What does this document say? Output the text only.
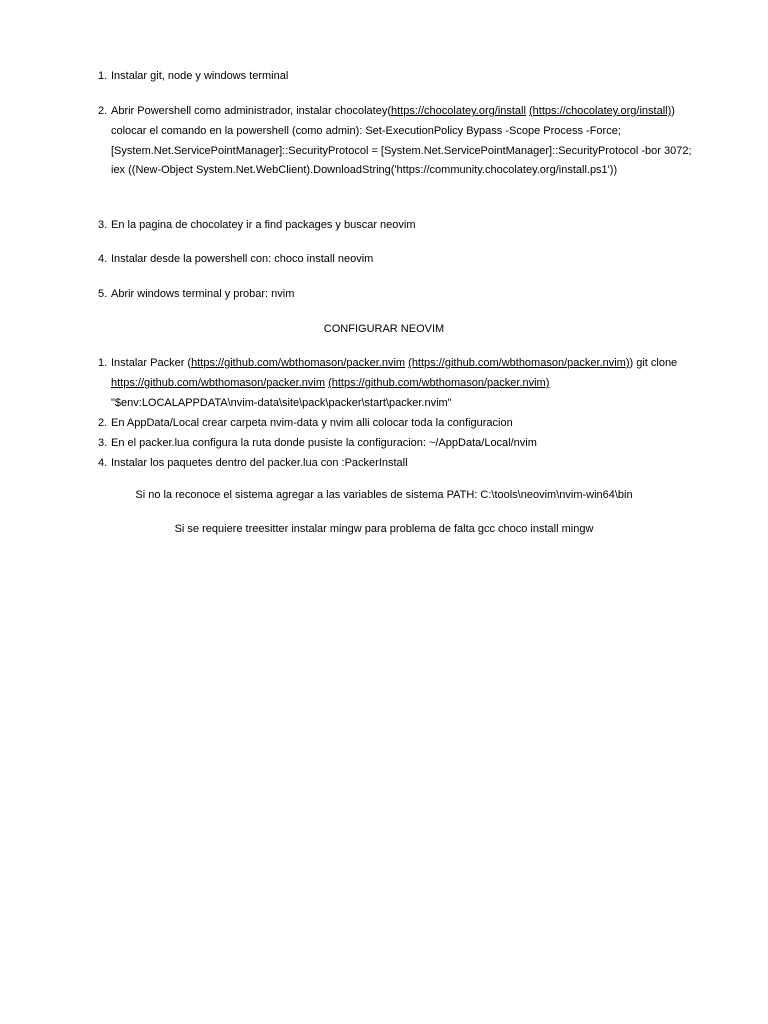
1. Instalar git, node y windows terminal
2. Abrir Powershell como administrador, instalar chocolatey(https://chocolatey.org/install (https://chocolatey.org/install)) colocar el comando en la powershell (como admin): Set-ExecutionPolicy Bypass -Scope Process -Force; [System.Net.ServicePointManager]::SecurityProtocol = [System.Net.ServicePointManager]::SecurityProtocol -bor 3072; iex ((New-Object System.Net.WebClient).DownloadString('https://community.chocolatey.org/install.ps1'))
3. En la pagina de chocolatey ir a find packages y buscar neovim
4. Instalar desde la powershell con: choco install neovim
5. Abrir windows terminal y probar: nvim
CONFIGURAR NEOVIM
1. Instalar Packer (https://github.com/wbthomason/packer.nvim (https://github.com/wbthomason/packer.nvim)) git clone https://github.com/wbthomason/packer.nvim (https://github.com/wbthomason/packer.nvim) "$env:LOCALAPPDATA\nvim-data\site\pack\packer\start\packer.nvim"
2. En AppData/Local crear carpeta nvim-data y nvim alli colocar toda la configuracion
3. En el packer.lua configura la ruta donde pusiste la configuracion: ~/AppData/Local/nvim
4. Instalar los paquetes dentro del packer.lua con :PackerInstall
Si no la reconoce el sistema agregar a las variables de sistema PATH: C:\tools\neovim\nvim-win64\bin
Si se requiere treesitter instalar mingw para problema de falta gcc choco install mingw
